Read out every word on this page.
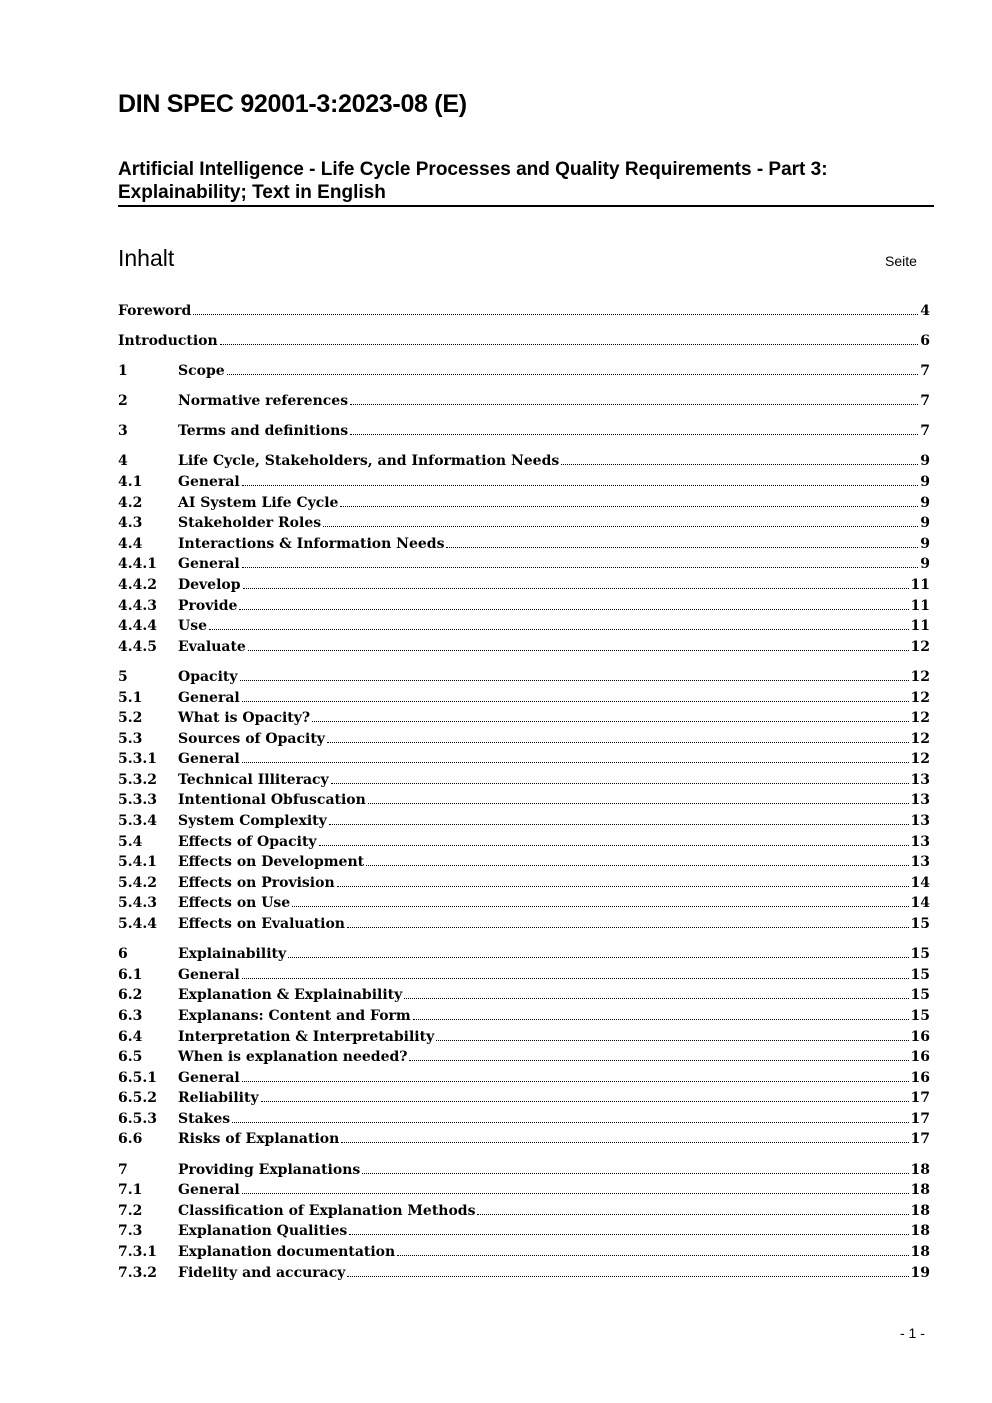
DIN SPEC 92001-3:2023-08 (E)
Artificial Intelligence - Life Cycle Processes and Quality Requirements - Part 3: Explainability; Text in English
Inhalt	Seite
Foreword	4
Introduction	6
1	Scope	7
2	Normative references	7
3	Terms and definitions	7
4	Life Cycle, Stakeholders, and Information Needs	9
4.1	General	9
4.2	AI System Life Cycle	9
4.3	Stakeholder Roles	9
4.4	Interactions & Information Needs	9
4.4.1	General	9
4.4.2	Develop	11
4.4.3	Provide	11
4.4.4	Use	11
4.4.5	Evaluate	12
5	Opacity	12
5.1	General	12
5.2	What is Opacity?	12
5.3	Sources of Opacity	12
5.3.1	General	12
5.3.2	Technical Illiteracy	13
5.3.3	Intentional Obfuscation	13
5.3.4	System Complexity	13
5.4	Effects of Opacity	13
5.4.1	Effects on Development	13
5.4.2	Effects on Provision	14
5.4.3	Effects on Use	14
5.4.4	Effects on Evaluation	15
6	Explainability	15
6.1	General	15
6.2	Explanation & Explainability	15
6.3	Explanans: Content and Form	15
6.4	Interpretation & Interpretability	16
6.5	When is explanation needed?	16
6.5.1	General	16
6.5.2	Reliability	17
6.5.3	Stakes	17
6.6	Risks of Explanation	17
7	Providing Explanations	18
7.1	General	18
7.2	Classification of Explanation Methods	18
7.3	Explanation Qualities	18
7.3.1	Explanation documentation	18
7.3.2	Fidelity and accuracy	19
- 1 -
